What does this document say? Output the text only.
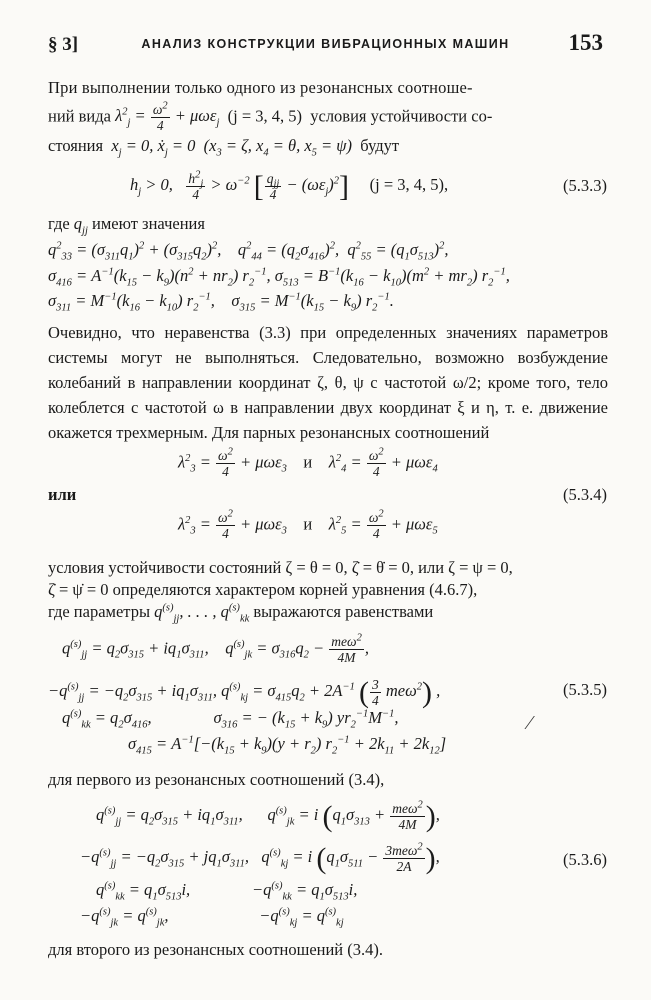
§ 3]	АНАЛИЗ КОНСТРУКЦИИ ВИБРАЦИОННЫХ МАШИН	153
При выполнении только одного из резонансных соотноше-
ний вида $\lambda^2_j = \frac{\omega^2}{4} + \mu\omega\varepsilon_j$ (j = 3, 4, 5) условия устойчивости со-
стояния  $x_j = 0$, ẋ$_j$ = 0  ($x_3 = \zeta$, $x_4 = \theta$, $x_5 = \psi$)  будут
$h_j > 0$, $\frac{h^2_j}{4} > \omega^{-2}$ [ $q_{jj}$
4
− $(\omega\varepsilon_j)^2$] (j = 3, 4, 5),	(5.3.3)
где $q_{jj}$ имеют значения
$q^2_{33} = (\sigma_{311}q_1)^2 + (\sigma_{315}q_2)^2$,    $q^2_{44} = (q_2\sigma_{416})^2$,  $q^2_{55} = (q_1\sigma_{513})^2$,
$\sigma_{416} = A^{-1}(k_{15} - k_9)(n^2 + nr_2)$ $r_2^{-1}$, $\sigma_{513} = B^{-1}(k_{16} - k_{10})(m^2 + mr_2)$ $r_2^{-1}$,
$\sigma_{311} = M^{-1}(k_{16} - k_{10})$ $r_2^{-1}$,    $\sigma_{315} = M^{-1}(k_{15} - k_9)$ $r_2^{-1}$.
Очевидно, что неравенства (3.3) при определенных значениях параметров системы могут не выполняться. Следовательно, возможно возбуждение колебаний в направлении координат ζ, θ, ψ с частотой ω/2; кроме того, тело колеблется с частотой ω в направлении двух координат ξ и η, т. е. движение окажется трехмерным. Для парных резонансных соотношений
$\lambda^2_3 = \frac{\omega^2}{4} + \mu\omega\varepsilon_3$ и    $\lambda^2_4 = \frac{\omega^2}{4} + \mu\omega\varepsilon_4$
или	(5.3.4)
$\lambda^2_3 = \frac{\omega^2}{4} + \mu\omega\varepsilon_3$ и    $\lambda^2_5 = \frac{\omega^2}{4} + \mu\omega\varepsilon_5$
условия устойчивости состояний ζ = θ = 0, ζ̇ = θ̇ = 0, или ζ = ψ = 0,
ζ̇ = ψ̇ = 0 определяются характером корней уравнения (4.6.7),
где параметры $q^{(s)}_{jj}$, . . . , $q^{(s)}_{kk}$ выражаются равенствами
$q^{(s)}_{jj} = q_2\sigma_{315} + iq_1\sigma_{311}$,    $q^{(s)}_{jk} = \sigma_{316}q_2 - me\omega^2$
4M
,
$-q^{(s)}_{jj} = -q_2\sigma_{315} + iq_1\sigma_{311}$, $q^{(s)}_{kj} = \sigma_{415}q_2 + 2A^{-1}$ ( $\frac{3}{4} me\omega^2$) ,	(5.3.5)
$q^{(s)}_{kk} = q_2\sigma_{416}$,               $\sigma_{316}$ = − $(k_{15} + k_9)$ $yr_2^{-1}M^{-1}$,
$\sigma_{415} = A^{-1}[-(k_{15} + k_9)(y + r_2) r_2^{-1} + 2k_{11} + 2k_{12}]$
⁄
для первого из резонансных соотношений (3.4),
$q^{(s)}_{jj} = q_2\sigma_{315} + iq_1\sigma_{311}$,      $q^{(s)}_{jk} = i$ ($q_1\sigma_{313} + me\omega^2$
4M ),
$-q^{(s)}_{jj} = -q_2\sigma_{315} + jq_1\sigma_{311}$,   $q^{(s)}_{kj} = i$ ($q_1\sigma_{511} - 3me\omega^2$
2A ),	(5.3.6)
$q^{(s)}_{kk} = q_1\sigma_{513}i$,               $-q^{(s)}_{kk} = q_1\sigma_{513}i$,
$-q^{(s)}_{jk} = q^{(s)}_{jk}$,                      $-q^{(s)}_{kj} = q^{(s)}_{kj}$
для второго из резонансных соотношений (3.4).
